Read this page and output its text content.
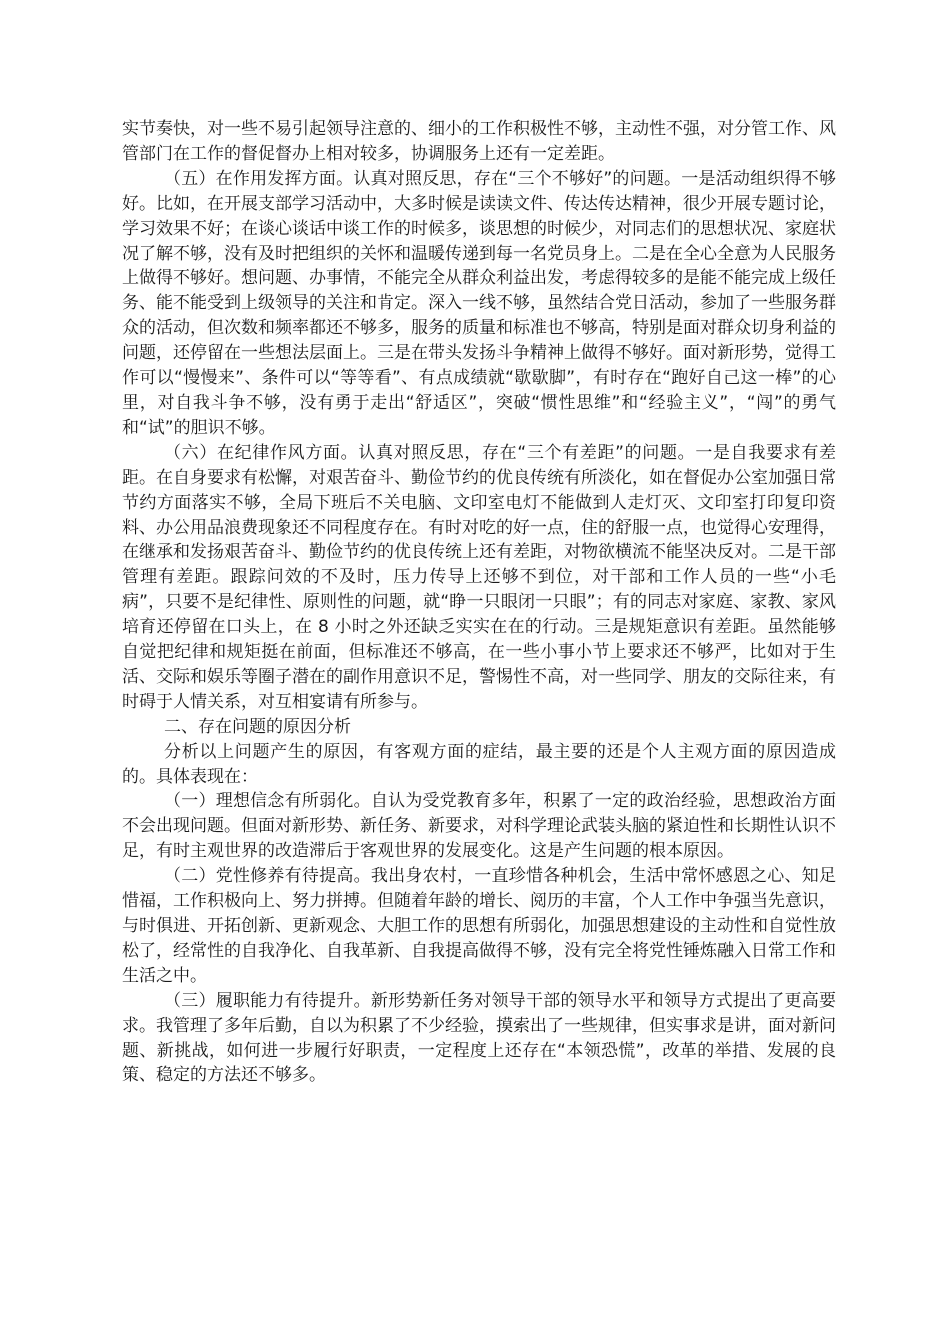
实节奏快，对一些不易引起领导注意的、细小的工作积极性不够，主动性不强，对分管工作、风管部门在工作的督促督办上相对较多，协调服务上还有一定差距。

（五）在作用发挥方面。认真对照反思，存在“三个不够好”的问题。一是活动组织得不够好。比如，在开展支部学习活动中，大多时候是读读文件、传达传达精神，很少开展专题讨论，学习效果不好；在谈心谈话中谈工作的时候多，谈思想的时候少，对同志们的思想状况、家庭状况了解不够，没有及时把组织的关怀和温暖传递到每一名党员身上。二是在全心全意为人民服务上做得不够好。想问题、办事情，不能完全从群众利益出发，考虑得较多的是能不能完成上级任务、能不能受到上级领导的关注和肯定。深入一线不够，虽然结合党日活动，参加了一些服务群众的活动，但次数和频率都还不够多，服务的质量和标准也不够高，特别是面对群众切身利益的问题，还停留在一些想法层面上。三是在带头发扬斗争精神上做得不够好。面对新形势，觉得工作可以“慢慢来”、条件可以“等等看”、有点成绩就“歇歇脚”，有时存在“跑好自己这一棒”的心里，对自我斗争不够，没有勇于走出“舒适区”，突破“惯性思维”和“经验主义”，“闯”的勇气和“试”的胆识不够。

（六）在纪律作风方面。认真对照反思，存在“三个有差距”的问题。一是自我要求有差距。在自身要求有松懈，对艰苦奋斗、勤俭节约的优良传统有所淡化，如在督促办公室加强日常节约方面落实不够，全局下班后不关电脑、文印室电灯不能做到人走灯灭、文印室打印复印资料、办公用品浪费现象还不同程度存在。有时对吃的好一点，住的舒服一点，也觉得心安理得，在继承和发扬艰苦奋斗、勤俭节约的优良传统上还有差距，对物欲横流不能坚决反对。二是干部管理有差距。跟踪问效的不及时，压力传导上还够不到位，对干部和工作人员的一些“小毛病”，只要不是纪律性、原则性的问题，就“睁一只眼闭一只眼”；有的同志对家庭、家教、家风培育还停留在口头上，在 8 小时之外还缺乏实实在在的行动。三是规矩意识有差距。虽然能够自觉把纪律和规矩挺在前面，但标准还不够高，在一些小事小节上要求还不够严，比如对于生活、交际和娱乐等圈子潜在的副作用意识不足，警惕性不高，对一些同学、朋友的交际往来，有时碍于人情关系，对互相宴请有所参与。

二、存在问题的原因分析

分析以上问题产生的原因，有客观方面的症结，最主要的还是个人主观方面的原因造成的。具体表现在：

（一）理想信念有所弱化。自认为受党教育多年，积累了一定的政治经验，思想政治方面不会出现问题。但面对新形势、新任务、新要求，对科学理论武装头脑的紧迫性和长期性认识不足，有时主观世界的改造滞后于客观世界的发展变化。这是产生问题的根本原因。

（二）党性修养有待提高。我出身农村，一直珍惜各种机会，生活中常怀感恩之心、知足惜福，工作积极向上、努力拼搏。但随着年龄的增长、阅历的丰富，个人工作中争强当先意识，与时俱进、开拓创新、更新观念、大胆工作的思想有所弱化，加强思想建设的主动性和自觉性放松了，经常性的自我净化、自我革新、自我提高做得不够，没有完全将党性锤炼融入日常工作和生活之中。

（三）履职能力有待提升。新形势新任务对领导干部的领导水平和领导方式提出了更高要求。我管理了多年后勤，自以为积累了不少经验，摸索出了一些规律，但实事求是讲，面对新问题、新挑战，如何进一步履行好职责，一定程度上还存在“本领恐慌”，改革的举措、发展的良策、稳定的方法还不够多。
